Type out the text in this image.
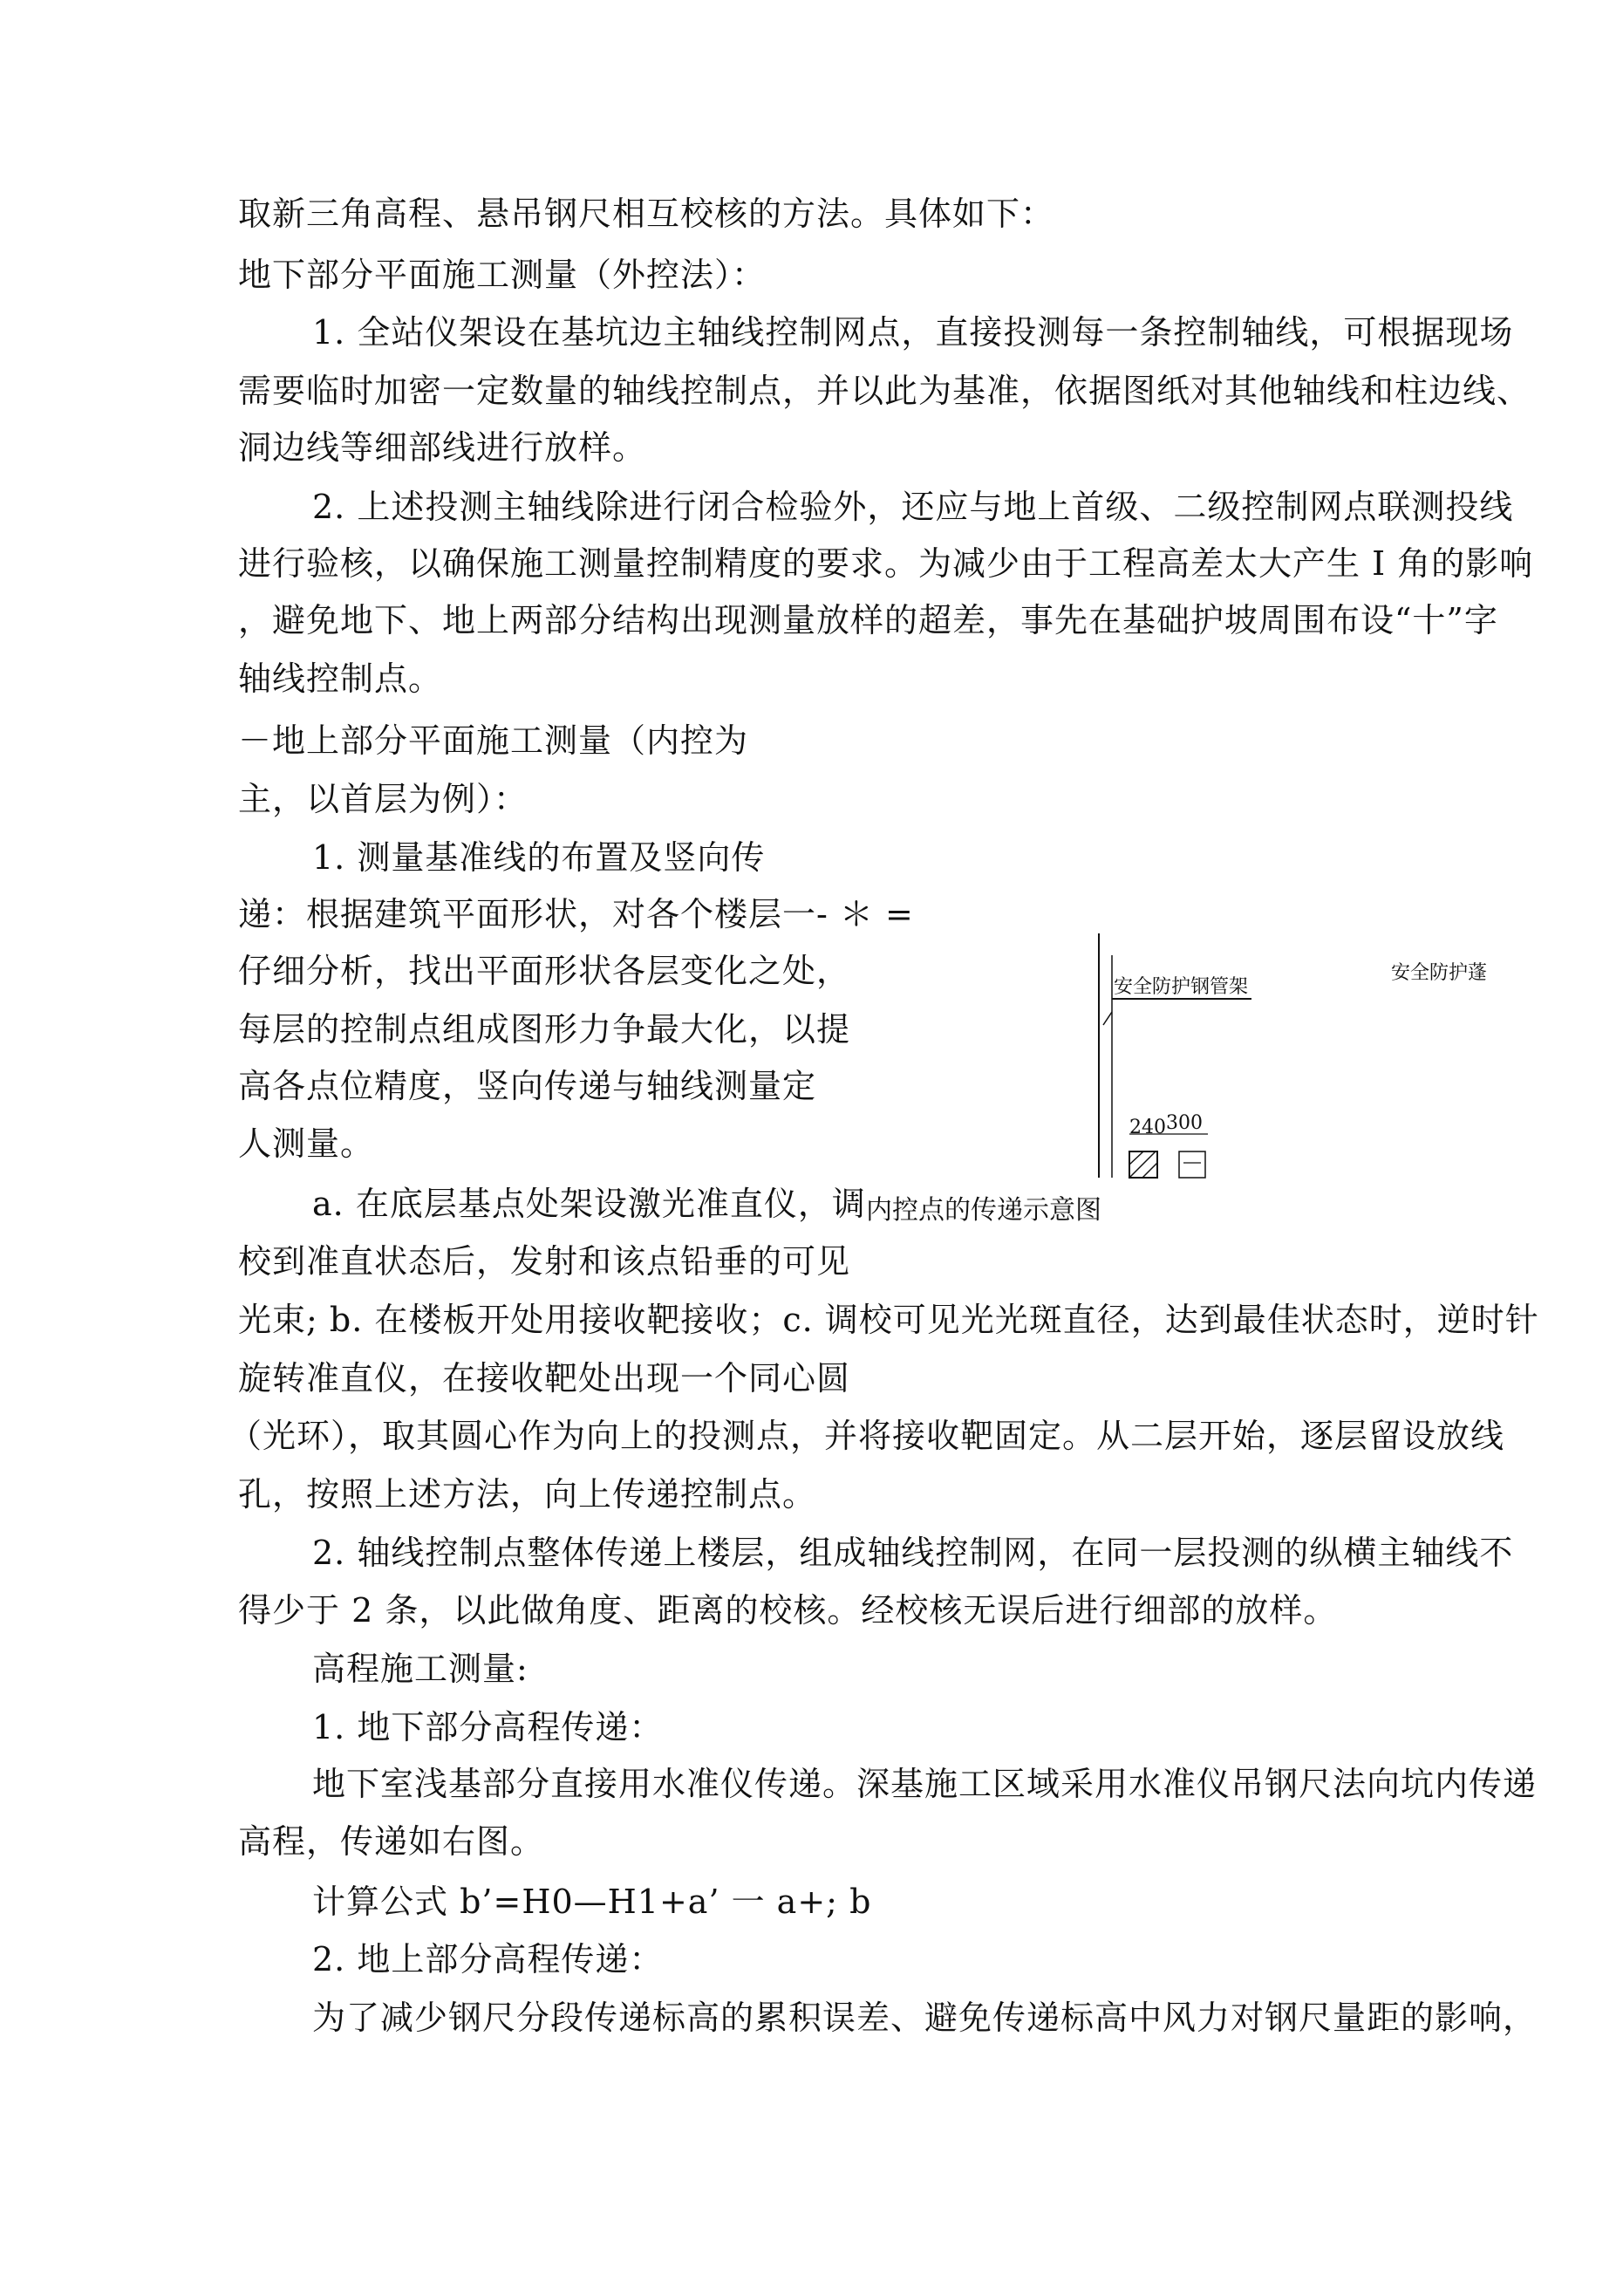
取新三角高程、悬吊钢尺相互校核的方法。具体如下：
地下部分平面施工测量（外控法）：
1. 全站仪架设在基坑边主轴线控制网点，直接投测每一条控制轴线，可根据现场
需要临时加密一定数量的轴线控制点，并以此为基准，依据图纸对其他轴线和柱边线、
洞边线等细部线进行放样。
2. 上述投测主轴线除进行闭合检验外，还应与地上首级、二级控制网点联测投线
进行验核，以确保施工测量控制精度的要求。为减少由于工程高差太大产生 I 角的影响
，避免地下、地上两部分结构出现测量放样的超差，事先在基础护坡周围布设“十”字
轴线控制点。
－地上部分平面施工测量（内控为
主，以首层为例）：
1. 测量基准线的布置及竖向传
递：根据建筑平面形状，对各个楼层一- ＊ =
仔细分析，找出平面形状各层变化之处，
每层的控制点组成图形力争最大化，以提
高各点位精度，竖向传递与轴线测量定
人测量。
a. 在底层基点处架设激光准直仪，调
校到准直状态后，发射和该点铅垂的可见
光束; b. 在楼板开处用接收靶接收；c. 调校可见光光斑直径，达到最佳状态时，逆时针
旋转准直仪，在接收靶处出现一个同心圆
（光环），取其圆心作为向上的投测点，并将接收靶固定。从二层开始，逐层留设放线
孔，按照上述方法，向上传递控制点。
2. 轴线控制点整体传递上楼层，组成轴线控制网，在同一层投测的纵横主轴线不
得少于 2 条，以此做角度、距离的校核。经校核无误后进行细部的放样。
高程施工测量:
1. 地下部分高程传递：
地下室浅基部分直接用水准仪传递。深基施工区域采用水准仪吊钢尺法向坑内传递
高程，传递如右图。
计算公式 b’=H0—H1+a’ 一 a+; b
2. 地上部分高程传递：
为了减少钢尺分段传递标高的累积误差、避免传递标高中风力对钢尺量距的影响，
安全防护钢管架
安全防护蓬
240 300
内控点的传递示意图
